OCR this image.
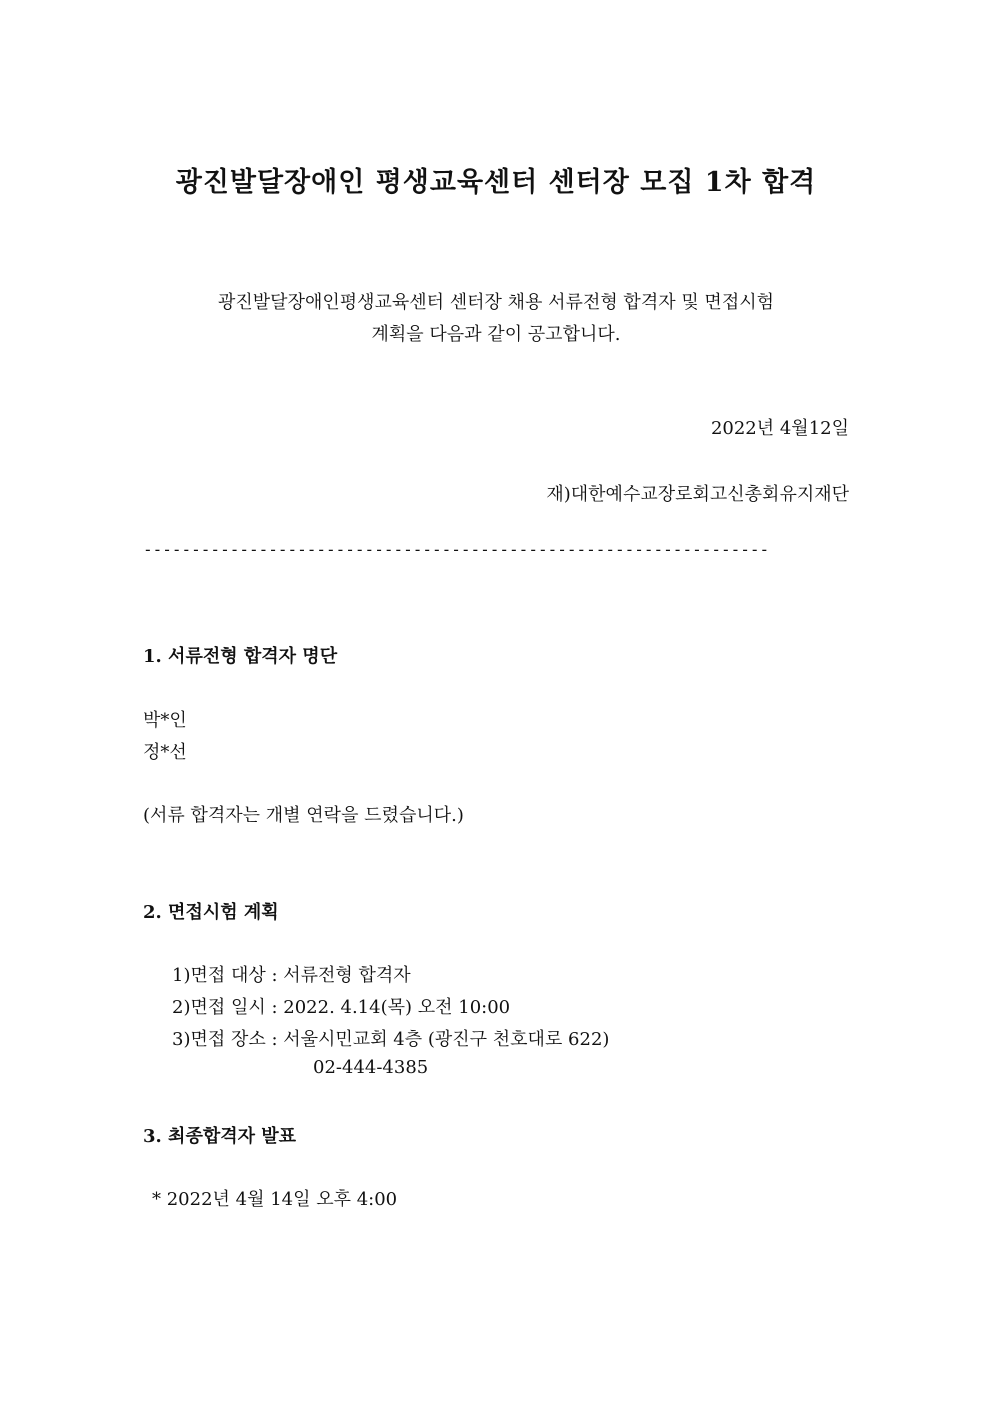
광진발달장애인 평생교육센터 센터장 모집 1차 합격
광진발달장애인평생교육센터 센터장 채용 서류전형 합격자 및 면접시험
계획을 다음과 같이 공고합니다.
2022년 4월12일
재)대한예수교장로회고신총회유지재단
-----------------------------------------------------------------
1. 서류전형 합격자 명단
박*인
정*선
(서류 합격자는 개별 연락을 드렸습니다.)
2. 면접시험 계획
1)면접 대상 : 서류전형 합격자
2)면접 일시 : 2022. 4.14(목) 오전 10:00
3)면접 장소 : 서울시민교회 4층 (광진구 천호대로 622)
02-444-4385
3. 최종합격자 발표
* 2022년 4월 14일 오후 4:00
